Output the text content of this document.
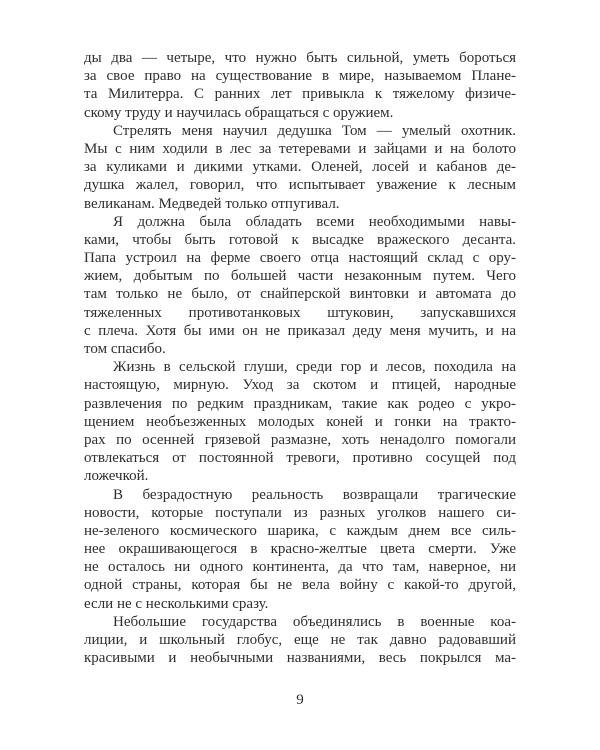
ды два — четыре, что нужно быть сильной, уметь бороться
за свое право на существование в мире, называемом Плане-
та Милитерра. С ранних лет привыкла к тяжелому физиче-
скому труду и научилась обращаться с оружием.
Стрелять меня научил дедушка Том — умелый охотник.
Мы с ним ходили в лес за тетеревами и зайцами и на болото
за куликами и дикими утками. Оленей, лосей и кабанов де-
душка жалел, говорил, что испытывает уважение к лесным
великанам. Медведей только отпугивал.
Я должна была обладать всеми необходимыми навы-
ками, чтобы быть готовой к высадке вражеского десанта.
Папа устроил на ферме своего отца настоящий склад с ору-
жием, добытым по большей части незаконным путем. Чего
там только не было, от снайперской винтовки и автомата до
тяжеленных противотанковых штуковин, запускавшихся
с плеча. Хотя бы ими он не приказал деду меня мучить, и на
том спасибо.
Жизнь в сельской глуши, среди гор и лесов, походила на
настоящую, мирную. Уход за скотом и птицей, народные
развлечения по редким праздникам, такие как родео с укро-
щением необъезженных молодых коней и гонки на тракто-
рах по осенней грязевой размазне, хоть ненадолго помогали
отвлекаться от постоянной тревоги, противно сосущей под
ложечкой.
В безрадостную реальность возвращали трагические
новости, которые поступали из разных уголков нашего си-
не-зеленого космического шарика, с каждым днем все силь-
нее окрашивающегося в красно-желтые цвета смерти. Уже
не осталось ни одного континента, да что там, наверное, ни
одной страны, которая бы не вела войну с какой-то другой,
если не с несколькими сразу.
Небольшие государства объединялись в военные коа-
лиции, и школьный глобус, еще не так давно радовавший
красивыми и необычными названиями, весь покрылся ма-
9
